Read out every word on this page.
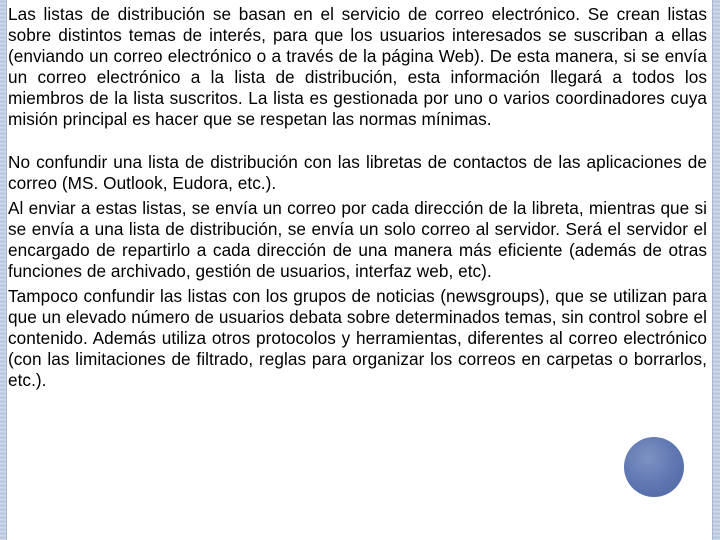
Las listas de distribución se basan en el servicio de correo electrónico. Se crean listas sobre distintos temas de interés, para que los usuarios interesados se suscriban a ellas (enviando un correo electrónico o a través de la página Web). De esta manera, si se envía un correo electrónico a la lista de distribución, esta información llegará a todos los miembros de la lista suscritos. La lista es gestionada por uno o varios coordinadores cuya misión principal es hacer que se respetan las normas mínimas.

No confundir una lista de distribución con las libretas de contactos de las aplicaciones de correo (MS. Outlook, Eudora, etc.).

Al enviar a estas listas, se envía un correo por cada dirección de la libreta, mientras que si se envía a una lista de distribución, se envía un solo correo al servidor. Será el servidor el encargado de repartirlo a cada dirección de una manera más eficiente (además de otras funciones de archivado, gestión de usuarios, interfaz web, etc).

Tampoco confundir las listas con los grupos de noticias (newsgroups), que se utilizan para que un elevado número de usuarios debata sobre determinados temas, sin control sobre el contenido. Además utiliza otros protocolos y herramientas, diferentes al correo electrónico (con las limitaciones de filtrado, reglas para organizar los correos en carpetas o borrarlos, etc.).
